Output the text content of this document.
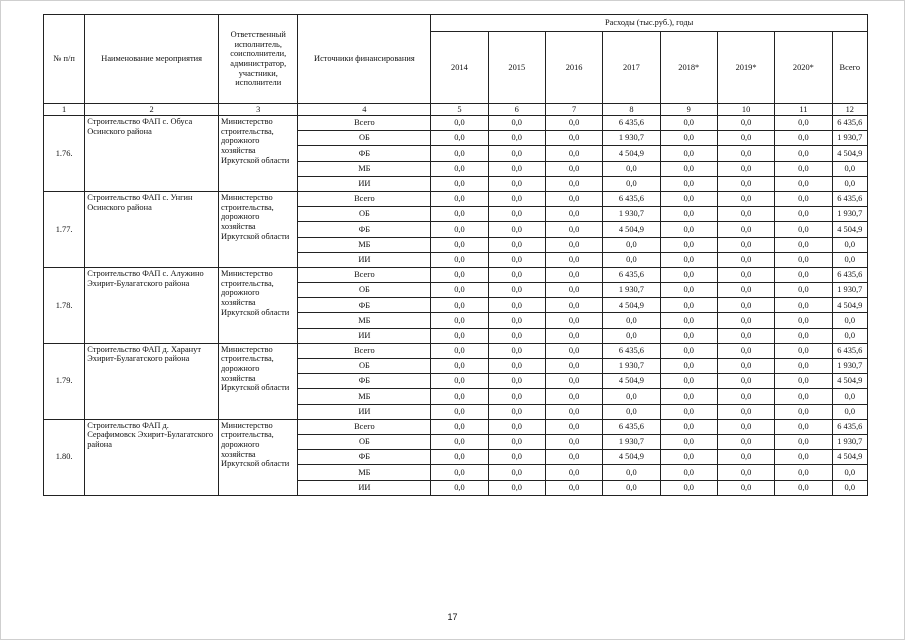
№ п/п	Наименование мероприятия	Ответственный исполнитель, соисполнители, администратор, участники, исполнители	Источники финансирования	Расходы (тыс.руб.), годы							
				2014	2015	2016	2017	2018*	2019*	2020*	Всего
1	2	3	4	5	6	7	8	9	10	11	12
1.76.	Строительство ФАП с. Обуса Осинского района	Министерство строительства, дорожного хозяйства Иркутской области	Всего	0,0	0,0	0,0	6 435,6	0,0	0,0	0,0	6 435,6
			ОБ	0,0	0,0	0,0	1 930,7	0,0	0,0	0,0	1 930,7
			ФБ	0,0	0,0	0,0	4 504,9	0,0	0,0	0,0	4 504,9
			МБ	0,0	0,0	0,0	0,0	0,0	0,0	0,0	0,0
			ИИ	0,0	0,0	0,0	0,0	0,0	0,0	0,0	0,0
1.77.	Строительство ФАП с. Унгин Осинского района	Министерство строительства, дорожного хозяйства Иркутской области	Всего	0,0	0,0	0,0	6 435,6	0,0	0,0	0,0	6 435,6
			ОБ	0,0	0,0	0,0	1 930,7	0,0	0,0	0,0	1 930,7
			ФБ	0,0	0,0	0,0	4 504,9	0,0	0,0	0,0	4 504,9
			МБ	0,0	0,0	0,0	0,0	0,0	0,0	0,0	0,0
			ИИ	0,0	0,0	0,0	0,0	0,0	0,0	0,0	0,0
1.78.	Строительство ФАП с. Алужино Эхирит-Булагатского района	Министерство строительства, дорожного хозяйства Иркутской области	Всего	0,0	0,0	0,0	6 435,6	0,0	0,0	0,0	6 435,6
			ОБ	0,0	0,0	0,0	1 930,7	0,0	0,0	0,0	1 930,7
			ФБ	0,0	0,0	0,0	4 504,9	0,0	0,0	0,0	4 504,9
			МБ	0,0	0,0	0,0	0,0	0,0	0,0	0,0	0,0
			ИИ	0,0	0,0	0,0	0,0	0,0	0,0	0,0	0,0
1.79.	Строительство ФАП д. Харанут Эхирит-Булагатского района	Министерство строительства, дорожного хозяйства Иркутской области	Всего	0,0	0,0	0,0	6 435,6	0,0	0,0	0,0	6 435,6
			ОБ	0,0	0,0	0,0	1 930,7	0,0	0,0	0,0	1 930,7
			ФБ	0,0	0,0	0,0	4 504,9	0,0	0,0	0,0	4 504,9
			МБ	0,0	0,0	0,0	0,0	0,0	0,0	0,0	0,0
			ИИ	0,0	0,0	0,0	0,0	0,0	0,0	0,0	0,0
1.80.	Строительство ФАП д. Серафимовск Эхирит-Булагатского района	Министерство строительства, дорожного хозяйства Иркутской области	Всего	0,0	0,0	0,0	6 435,6	0,0	0,0	0,0	6 435,6
			ОБ	0,0	0,0	0,0	1 930,7	0,0	0,0	0,0	1 930,7
			ФБ	0,0	0,0	0,0	4 504,9	0,0	0,0	0,0	4 504,9
			МБ	0,0	0,0	0,0	0,0	0,0	0,0	0,0	0,0
			ИИ	0,0	0,0	0,0	0,0	0,0	0,0	0,0	0,0
17
